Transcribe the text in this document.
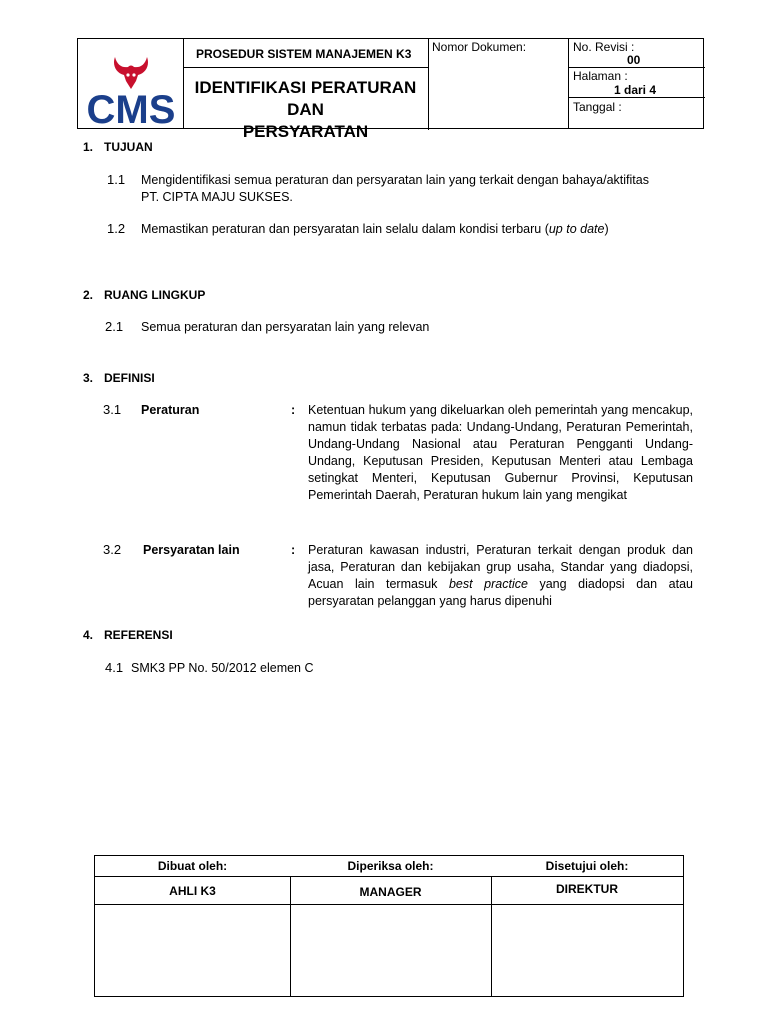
CMS
PROSEDUR SISTEM MANAJEMEN K3
IDENTIFIKASI PERATURAN DAN
PERSYARATAN
Nomor Dokumen:	No. Revisi :
00
Halaman :
1 dari 4
Tanggal :
1. TUJUAN
1.1 Mengidentifikasi semua peraturan dan persyaratan lain yang terkait dengan bahaya/aktifitas
PT. CIPTA MAJU SUKSES.
1.2 Memastikan peraturan dan persyaratan lain selalu dalam kondisi terbaru (up to date)
2. RUANG LINGKUP
2.1 Semua peraturan dan persyaratan lain yang relevan
3. DEFINISI
3.1 Peraturan	: Ketentuan hukum yang dikeluarkan oleh pemerintah yang mencakup, namun tidak terbatas pada: Undang-Undang, Peraturan Pemerintah, Undang-Undang Nasional atau Peraturan Pengganti Undang-Undang, Keputusan Presiden, Keputusan Menteri atau Lembaga setingkat Menteri, Keputusan Gubernur Provinsi, Keputusan Pemerintah Daerah, Peraturan hukum lain yang mengikat
3.2 Persyaratan lain	: Peraturan kawasan industri, Peraturan terkait dengan produk dan jasa, Peraturan dan kebijakan grup usaha, Standar yang diadopsi, Acuan lain termasuk best practice yang diadopsi dan atau persyaratan pelanggan yang harus dipenuhi
4. REFERENSI
4.1 SMK3 PP No. 50/2012 elemen C
Dibuat oleh:	Diperiksa oleh:	Disetujui oleh:
AHLI K3	MANAGER	DIREKTUR
